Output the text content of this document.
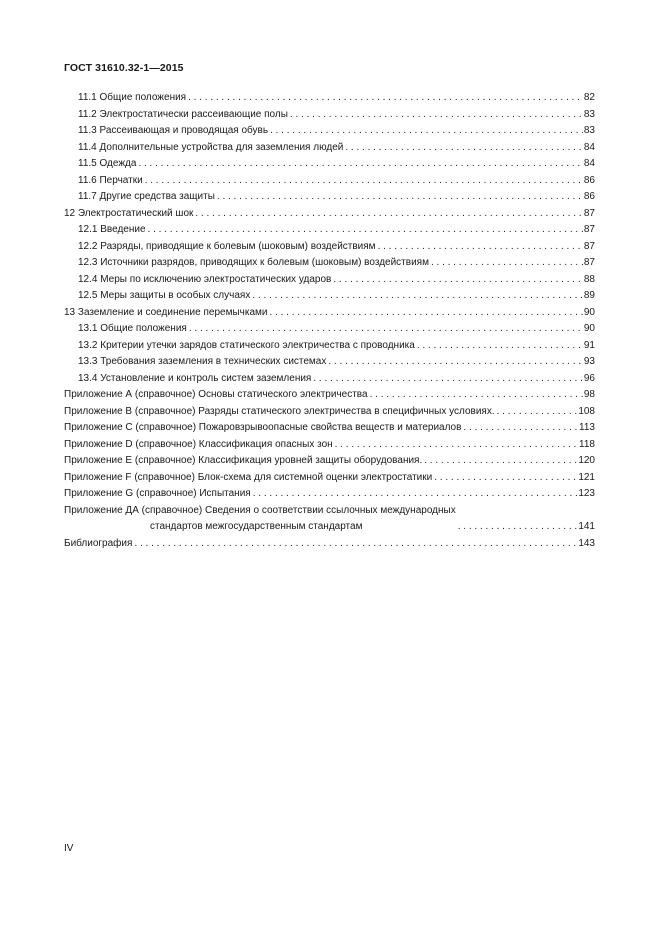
ГОСТ 31610.32-1—2015
11.1 Общие положения . . .	82
11.2 Электростатически рассеивающие полы . . .	83
11.3 Рассеивающая и проводящая обувь . . .	83
11.4 Дополнительные устройства для заземления людей . . .	84
11.5 Одежда . . .	84
11.6 Перчатки . . .	86
11.7 Другие средства защиты . . .	86
12 Электростатический шок . . .	87
12.1 Введение . . .	87
12.2 Разряды, приводящие к болевым (шоковым) воздействиям . . .	87
12.3 Источники разрядов, приводящих к болевым (шоковым) воздействиям . . .	87
12.4 Меры по исключению электростатических ударов . . .	88
12.5 Меры защиты в особых случаях . . .	89
13 Заземление и соединение перемычками . . .	90
13.1 Общие положения . . .	90
13.2 Критерии утечки зарядов статического электричества с проводника . . .	91
13.3 Требования заземления в технических системах . . .	93
13.4 Установление и контроль систем заземления . . .	96
Приложение А (справочное) Основы статического электричества . . .	98
Приложение В (справочное) Разряды статического электричества в специфичных условиях. . . .	108
Приложение С (справочное) Пожаровзрывоопасные свойства веществ и материалов . . .	113
Приложение D (справочное) Классификация опасных зон . . .	118
Приложение Е (справочное) Классификация уровней защиты оборудования. . . .	120
Приложение F (справочное) Блок-схема для системной оценки электростатики . . .	121
Приложение G (справочное) Испытания . . .	123
Приложение ДА (справочное) Сведения о соответствии ссылочных международных
стандартов межгосударственным стандартам . . .	141
Библиография . . .	143
IV
